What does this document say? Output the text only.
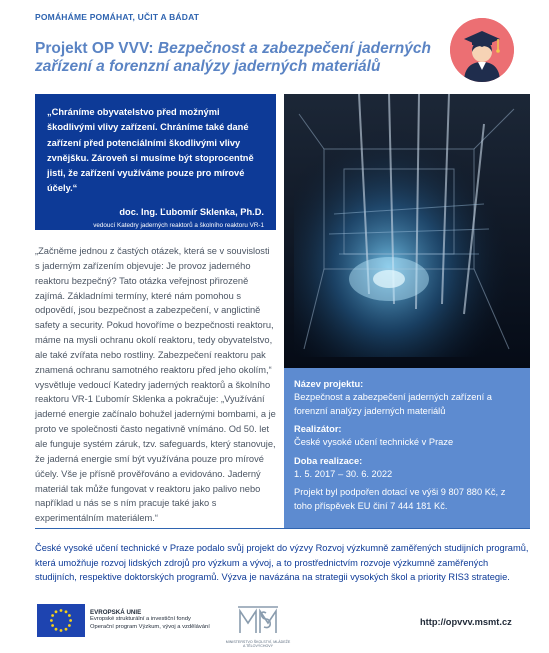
POMÁHÁME POMÁHAT, UČIT A BÁDAT
Projekt OP VVV: Bezpečnost a zabezpečení jaderných zařízení a forenzní analýzy jaderných materiálů
„Chráníme obyvatelstvo před možnými škodlivými vlivy zařízení. Chráníme také dané zařízení před potenciálními škodlivými vlivy zvnějšku. Zároveň si musíme být stoprocentně jisti, že zařízení využíváme pouze pro mírové účely.“
doc. Ing. Ľubomír Sklenka, Ph.D.
vedoucí Katedry jaderných reaktorů a školního reaktoru VR-1
„Začněme jednou z častých otázek, která se v souvislosti s jaderným zařízením objevuje: Je provoz jaderného reaktoru bezpečný? Tato otázka veřejnost přirozeně zajímá. Základními termíny, které nám pomohou s odpovědí, jsou bezpečnost a zabezpečení, v anglictině safety a security. Pokud hovoříme o bezpečnosti reaktoru, máme na mysli ochranu okolí reaktoru, tedy obyvatelstvo, ale také zvířata nebo rostliny. Zabezpečení reaktoru pak znamená ochranu samotného reaktoru před jeho okolím,“ vysvětluje vedoucí Katedry jaderných reaktorů a školního reaktoru VR-1 Ľubomír Sklenka a pokračuje: „Využívání jaderné energie začínalo bohužel jadernými bombami, a je proto ve společnosti často negativně vnímáno. Od 50. let ale funguje systém záruk, tzv. safeguards, který stanovuje, že jaderná energie smí být využívána pouze pro mírové účely. Vše je přísně prověřováno a evidováno. Jaderný materiál tak může fungovat v reaktoru jako palivo nebo například u nás se s ním pracuje také jako s experimentálním materiálem.“
Název projektu:
Bezpečnost a zabezpečení jaderných zařízení a forenzní analýzy jaderných materiálů
Realizátor:
České vysoké učení technické v Praze
Doba realizace:
1. 5. 2017 – 30. 6. 2022
Projekt byl podpořen dotací ve výši 9 807 880 Kč, z toho příspěvek EU činí 7 444 181 Kč.
České vysoké učení technické v Praze podalo svůj projekt do výzvy Rozvoj výzkumně zaměřených studijních programů, která umožňuje rozvoj lidských zdrojů pro výzkum a vývoj, a to prostřednictvím rozvoje výzkumně zaměřených studijních, respektive doktorských programů. Výzva je navázána na strategii vysokých škol a priority RIS3 strategie.
EVROPSKÁ UNIE
Evropské strukturální a investiční fondy
Operační program Výzkum, vývoj a vzdělávání
MINISTERSTVO ŠKOLSTVÍ, MLÁDEŽE A TĚLOVÝCHOVY
http://opvvv.msmt.cz
